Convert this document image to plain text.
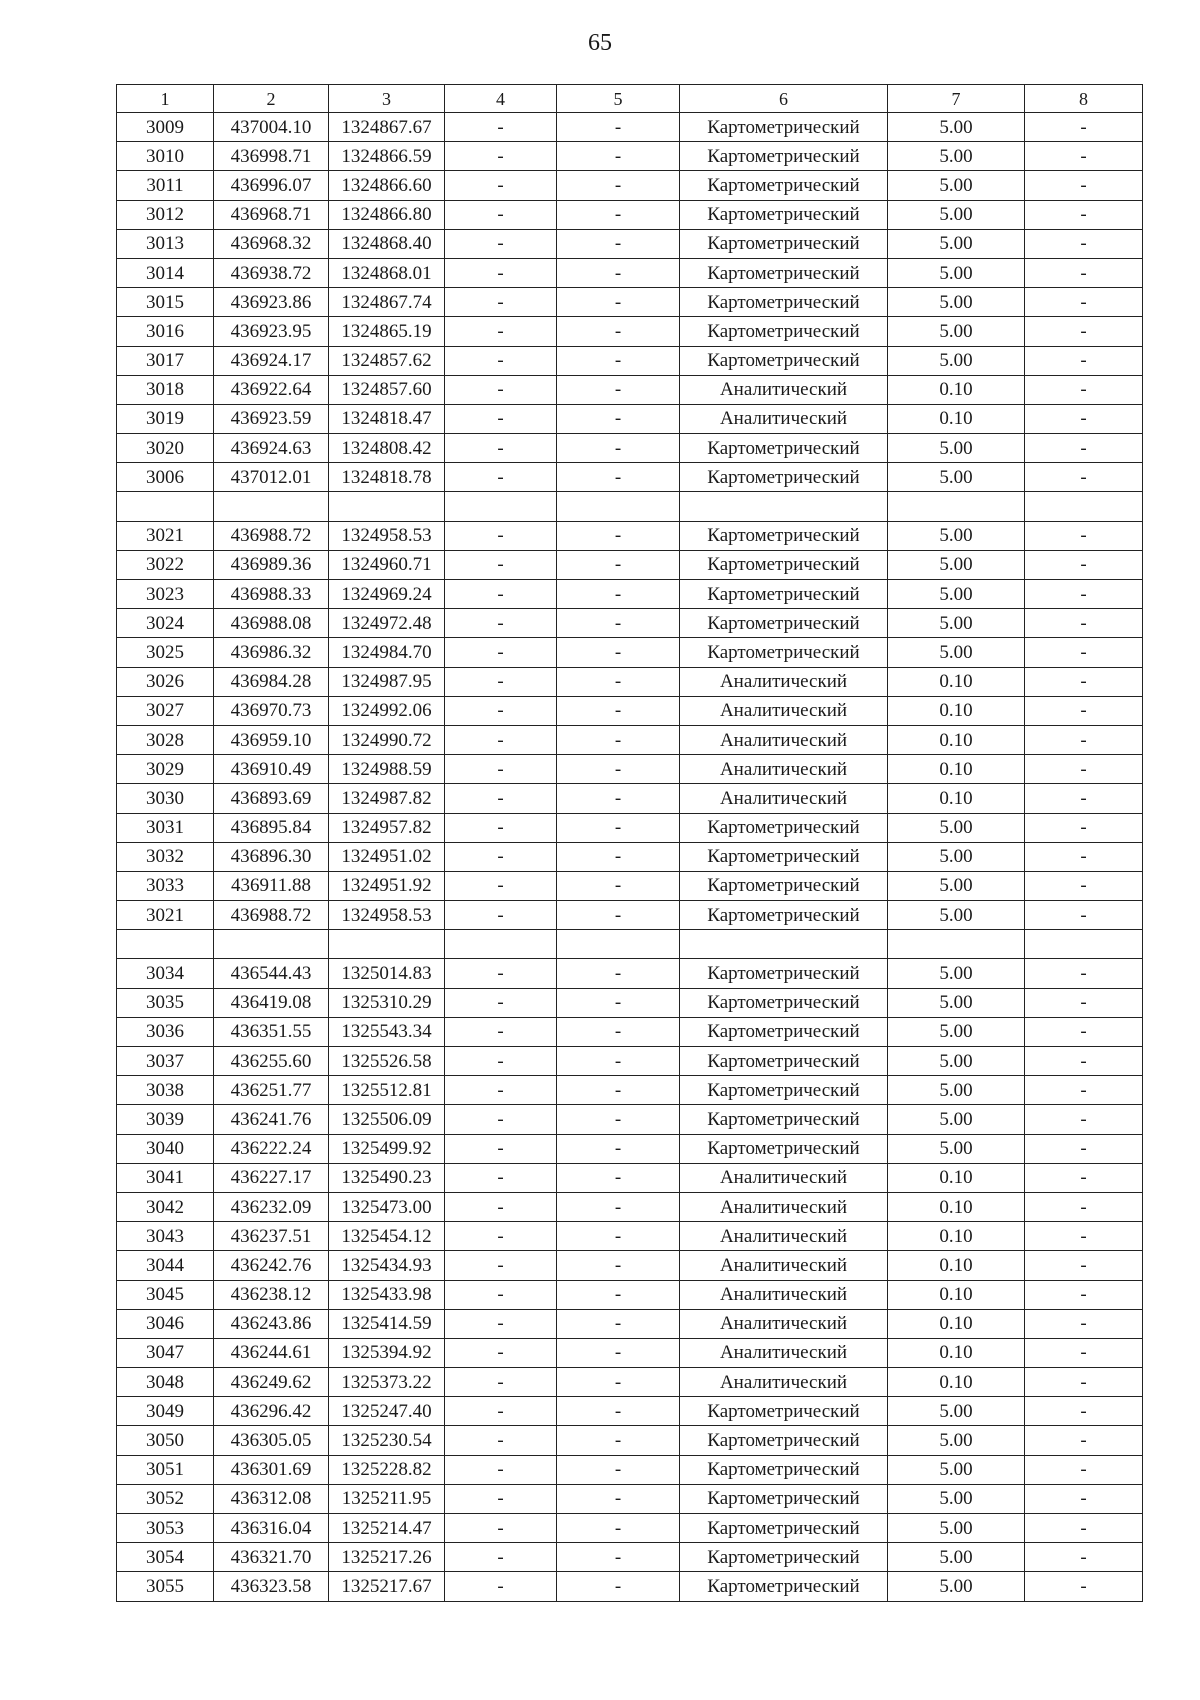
65
1	2	3	4	5	6	7	8
3009	437004.10	1324867.67	-	-	Картометрический	5.00	-
3010	436998.71	1324866.59	-	-	Картометрический	5.00	-
3011	436996.07	1324866.60	-	-	Картометрический	5.00	-
3012	436968.71	1324866.80	-	-	Картометрический	5.00	-
3013	436968.32	1324868.40	-	-	Картометрический	5.00	-
3014	436938.72	1324868.01	-	-	Картометрический	5.00	-
3015	436923.86	1324867.74	-	-	Картометрический	5.00	-
3016	436923.95	1324865.19	-	-	Картометрический	5.00	-
3017	436924.17	1324857.62	-	-	Картометрический	5.00	-
3018	436922.64	1324857.60	-	-	Аналитический	0.10	-
3019	436923.59	1324818.47	-	-	Аналитический	0.10	-
3020	436924.63	1324808.42	-	-	Картометрический	5.00	-
3006	437012.01	1324818.78	-	-	Картометрический	5.00	-

3021	436988.72	1324958.53	-	-	Картометрический	5.00	-
3022	436989.36	1324960.71	-	-	Картометрический	5.00	-
3023	436988.33	1324969.24	-	-	Картометрический	5.00	-
3024	436988.08	1324972.48	-	-	Картометрический	5.00	-
3025	436986.32	1324984.70	-	-	Картометрический	5.00	-
3026	436984.28	1324987.95	-	-	Аналитический	0.10	-
3027	436970.73	1324992.06	-	-	Аналитический	0.10	-
3028	436959.10	1324990.72	-	-	Аналитический	0.10	-
3029	436910.49	1324988.59	-	-	Аналитический	0.10	-
3030	436893.69	1324987.82	-	-	Аналитический	0.10	-
3031	436895.84	1324957.82	-	-	Картометрический	5.00	-
3032	436896.30	1324951.02	-	-	Картометрический	5.00	-
3033	436911.88	1324951.92	-	-	Картометрический	5.00	-
3021	436988.72	1324958.53	-	-	Картометрический	5.00	-

3034	436544.43	1325014.83	-	-	Картометрический	5.00	-
3035	436419.08	1325310.29	-	-	Картометрический	5.00	-
3036	436351.55	1325543.34	-	-	Картометрический	5.00	-
3037	436255.60	1325526.58	-	-	Картометрический	5.00	-
3038	436251.77	1325512.81	-	-	Картометрический	5.00	-
3039	436241.76	1325506.09	-	-	Картометрический	5.00	-
3040	436222.24	1325499.92	-	-	Картометрический	5.00	-
3041	436227.17	1325490.23	-	-	Аналитический	0.10	-
3042	436232.09	1325473.00	-	-	Аналитический	0.10	-
3043	436237.51	1325454.12	-	-	Аналитический	0.10	-
3044	436242.76	1325434.93	-	-	Аналитический	0.10	-
3045	436238.12	1325433.98	-	-	Аналитический	0.10	-
3046	436243.86	1325414.59	-	-	Аналитический	0.10	-
3047	436244.61	1325394.92	-	-	Аналитический	0.10	-
3048	436249.62	1325373.22	-	-	Аналитический	0.10	-
3049	436296.42	1325247.40	-	-	Картометрический	5.00	-
3050	436305.05	1325230.54	-	-	Картометрический	5.00	-
3051	436301.69	1325228.82	-	-	Картометрический	5.00	-
3052	436312.08	1325211.95	-	-	Картометрический	5.00	-
3053	436316.04	1325214.47	-	-	Картометрический	5.00	-
3054	436321.70	1325217.26	-	-	Картометрический	5.00	-
3055	436323.58	1325217.67	-	-	Картометрический	5.00	-
